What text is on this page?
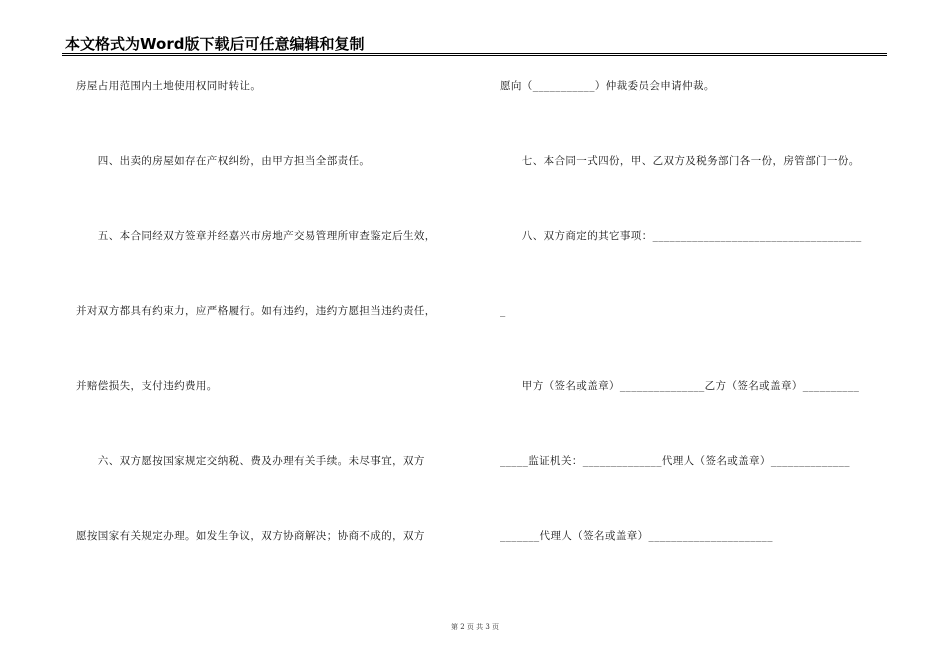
本文格式为Word版下载后可任意编辑和复制
房屋占用范围内土地使用权同时转让。
　　四、出卖的房屋如存在产权纠纷，由甲方担当全部责任。
　　五、本合同经双方签章并经嘉兴市房地产交易管理所审查鉴定后生效，
并对双方都具有约束力，应严格履行。如有违约，违约方愿担当违约责任，
并赔偿损失，支付违约费用。
　　六、双方愿按国家规定交纳税、费及办理有关手续。未尽事宜，双方
愿按国家有关规定办理。如发生争议，双方协商解决；协商不成的，双方
愿向（___________）仲裁委员会申请仲裁。
　　七、本合同一式四份，甲、乙双方及税务部门各一份，房管部门一份。
　　八、双方商定的其它事项：_____________________________________
_
　　甲方（签名或盖章）_______________乙方（签名或盖章）__________
_____监证机关：______________代理人（签名或盖章）______________
_______代理人（签名或盖章）______________________
第 2 页 共 3 页
